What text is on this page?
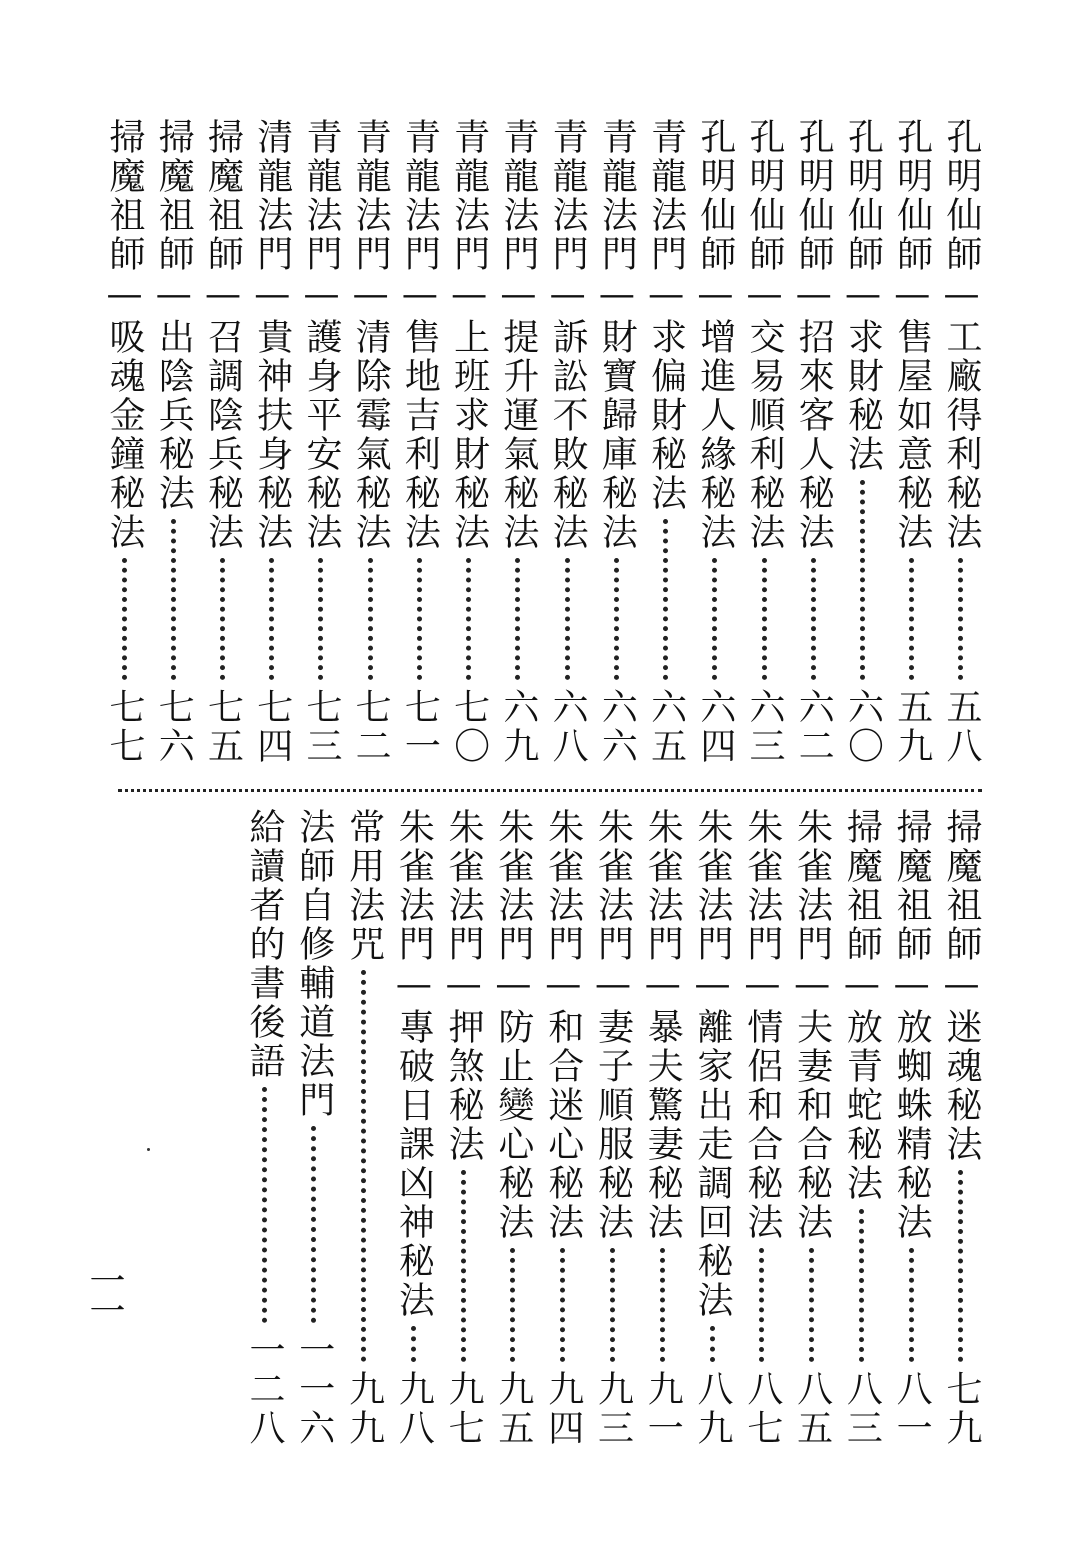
孔明仙師—工廠得利秘法
五八
孔明仙師—售屋如意秘法
五九
孔明仙師—求財秘法
六〇
孔明仙師—招來客人秘法
六二
孔明仙師—交易順利秘法
六三
孔明仙師—增進人緣秘法
六四
青龍法門—求偏財秘法
六五
青龍法門—財寶歸庫秘法
六六
青龍法門—訴訟不敗秘法
六八
青龍法門—提升運氣秘法
六九
青龍法門—上班求財秘法
七〇
青龍法門—售地吉利秘法
七一
青龍法門—清除霉氣秘法
七二
青龍法門—護身平安秘法
七三
清龍法門—貴神扶身秘法
七四
掃魔祖師—召調陰兵秘法
七五
掃魔祖師—出陰兵秘法
七六
掃魔祖師—吸魂金鐘秘法
七七
掃魔祖師—迷魂秘法
七九
掃魔祖師—放蜘蛛精秘法
八一
掃魔祖師—放青蛇秘法
八三
朱雀法門—夫妻和合秘法
八五
朱雀法門—情侶和合秘法
八七
朱雀法門—離家出走調回秘法
八九
朱雀法門—暴夫驚妻秘法
九一
朱雀法門—妻子順服秘法
九三
朱雀法門—和合迷心秘法
九四
朱雀法門—防止變心秘法
九五
朱雀法門—押煞秘法
九七
朱雀法門—專破日課凶神秘法
九八
常用法咒
九九
法師自修輔道法門
一一六
給讀者的書後語
一二八
一一
